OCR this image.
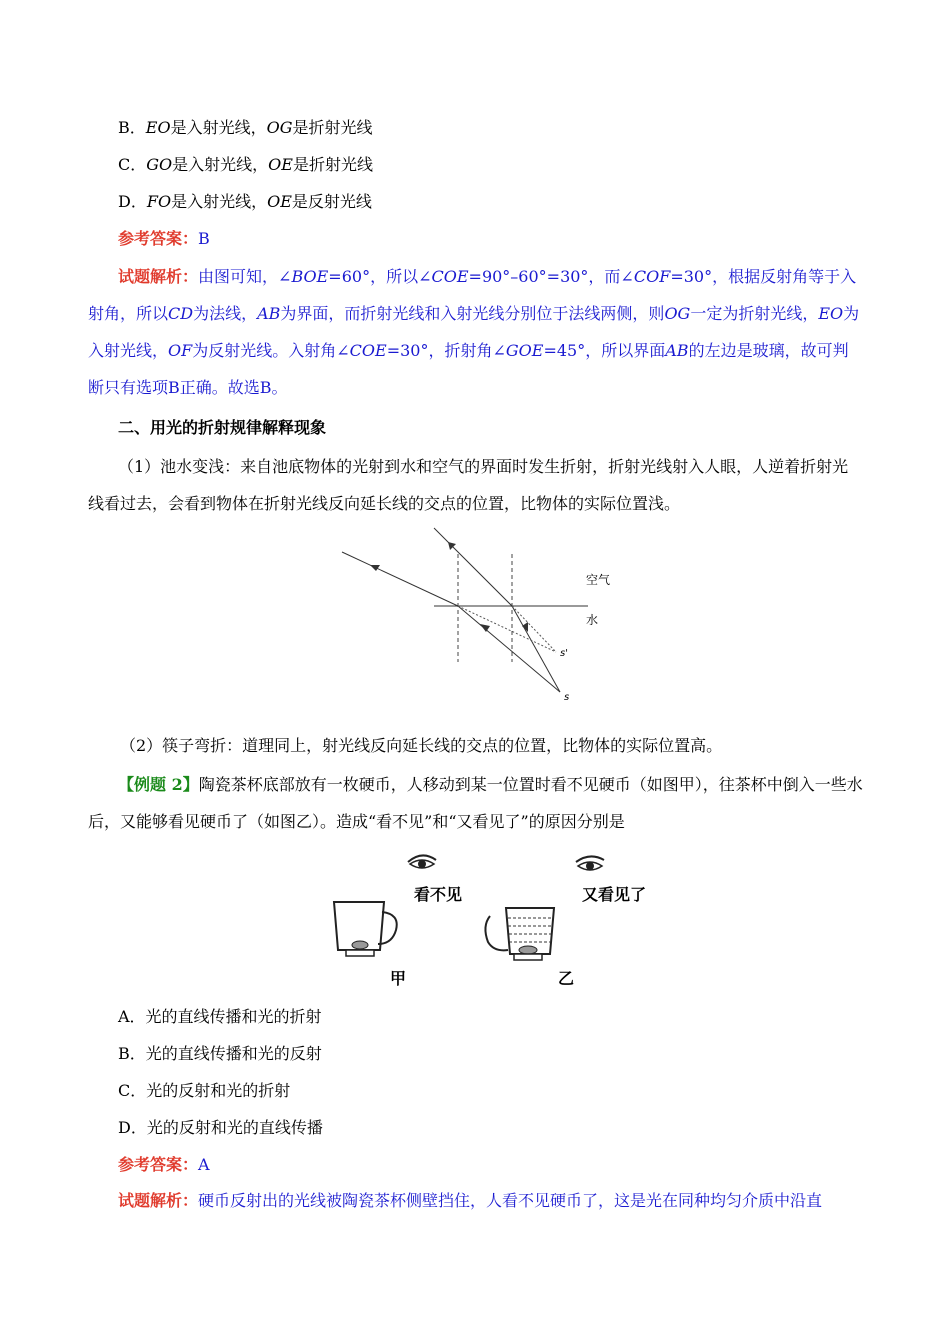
B．EO是入射光线，OG是折射光线
C．GO是入射光线，OE是折射光线
D．FO是入射光线，OE是反射光线
参考答案：B
试题解析：由图可知，∠BOE=60°，所以∠COE=90°–60°=30°，而∠COF=30°，根据反射角等于入射角，所以CD为法线，AB为界面，而折射光线和入射光线分别位于法线两侧，则OG一定为折射光线，EO为入射光线，OF为反射光线。入射角∠COE=30°，折射角∠GOE=45°，所以界面AB的左边是玻璃，故可判断只有选项B正确。故选B。
二、用光的折射规律解释现象
（1）池水变浅：来自池底物体的光射到水和空气的界面时发生折射，折射光线射入人眼，人逆着折射光线看过去，会看到物体在折射光线反向延长线的交点的位置，比物体的实际位置浅。
空气
水
s'
s
（2）筷子弯折：道理同上，射光线反向延长线的交点的位置，比物体的实际位置高。
【例题 2】陶瓷茶杯底部放有一枚硬币，人移动到某一位置时看不见硬币（如图甲），往茶杯中倒入一些水后，又能够看见硬币了（如图乙）。造成“看不见”和“又看见了”的原因分别是
看不见
甲
又看见了
乙
A．光的直线传播和光的折射
B．光的直线传播和光的反射
C．光的反射和光的折射
D．光的反射和光的直线传播
参考答案：A
试题解析：硬币反射出的光线被陶瓷茶杯侧壁挡住，人看不见硬币了，这是光在同种均匀介质中沿直
